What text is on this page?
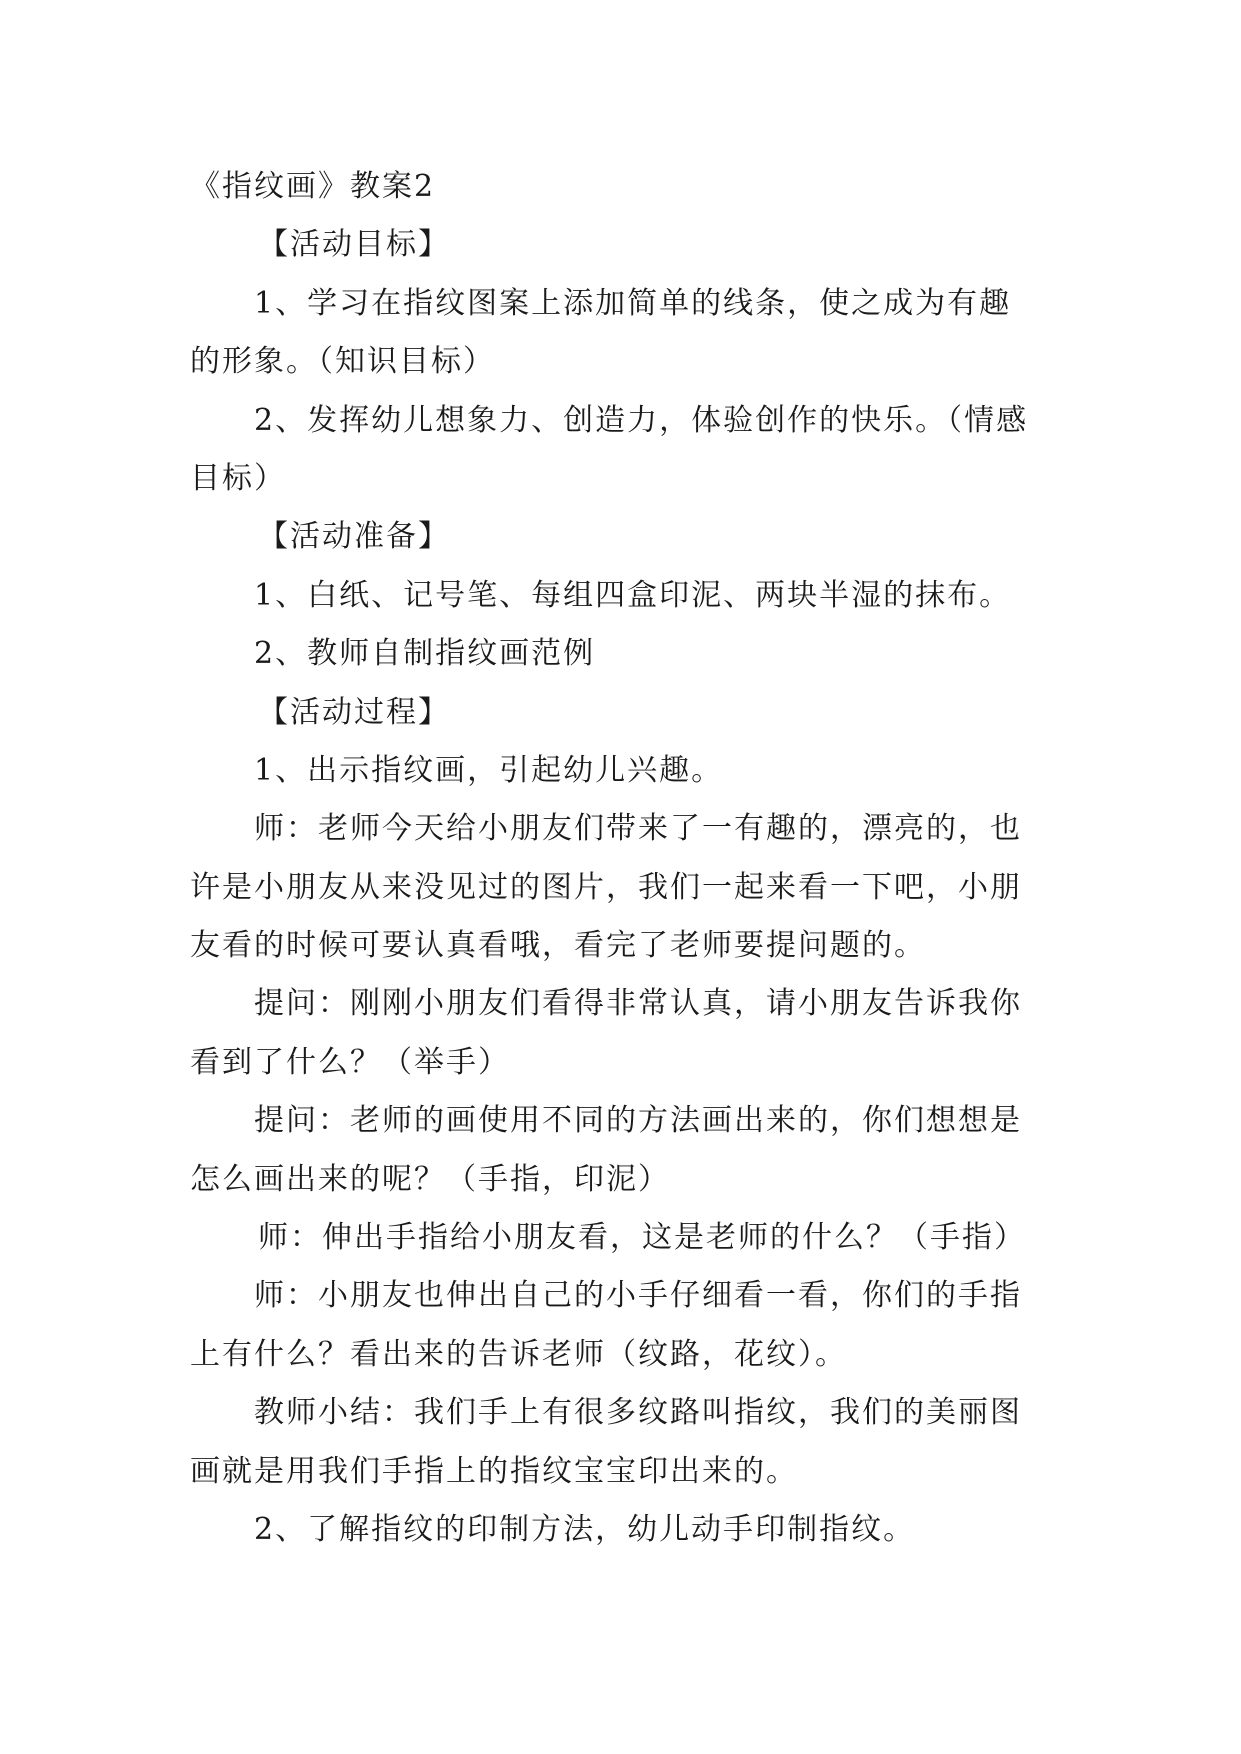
《指纹画》教案2
【活动目标】
1、学习在指纹图案上添加简单的线条，使之成为有趣
的形象。（知识目标）
2、发挥幼儿想象力、创造力，体验创作的快乐。（情感
目标）
【活动准备】
1、白纸、记号笔、每组四盒印泥、两块半湿的抹布。
2、教师自制指纹画范例
【活动过程】
1、出示指纹画，引起幼儿兴趣。
师：老师今天给小朋友们带来了一有趣的，漂亮的，也
许是小朋友从来没见过的图片，我们一起来看一下吧，小朋
友看的时候可要认真看哦，看完了老师要提问题的。
提问：刚刚小朋友们看得非常认真，请小朋友告诉我你
看到了什么？（举手）
提问：老师的画使用不同的方法画出来的，你们想想是
怎么画出来的呢？（手指，印泥）
师：伸出手指给小朋友看，这是老师的什么？（手指）
师：小朋友也伸出自己的小手仔细看一看，你们的手指
上有什么？看出来的告诉老师（纹路，花纹）。
教师小结：我们手上有很多纹路叫指纹，我们的美丽图
画就是用我们手指上的指纹宝宝印出来的。
2、了解指纹的印制方法，幼儿动手印制指纹。
